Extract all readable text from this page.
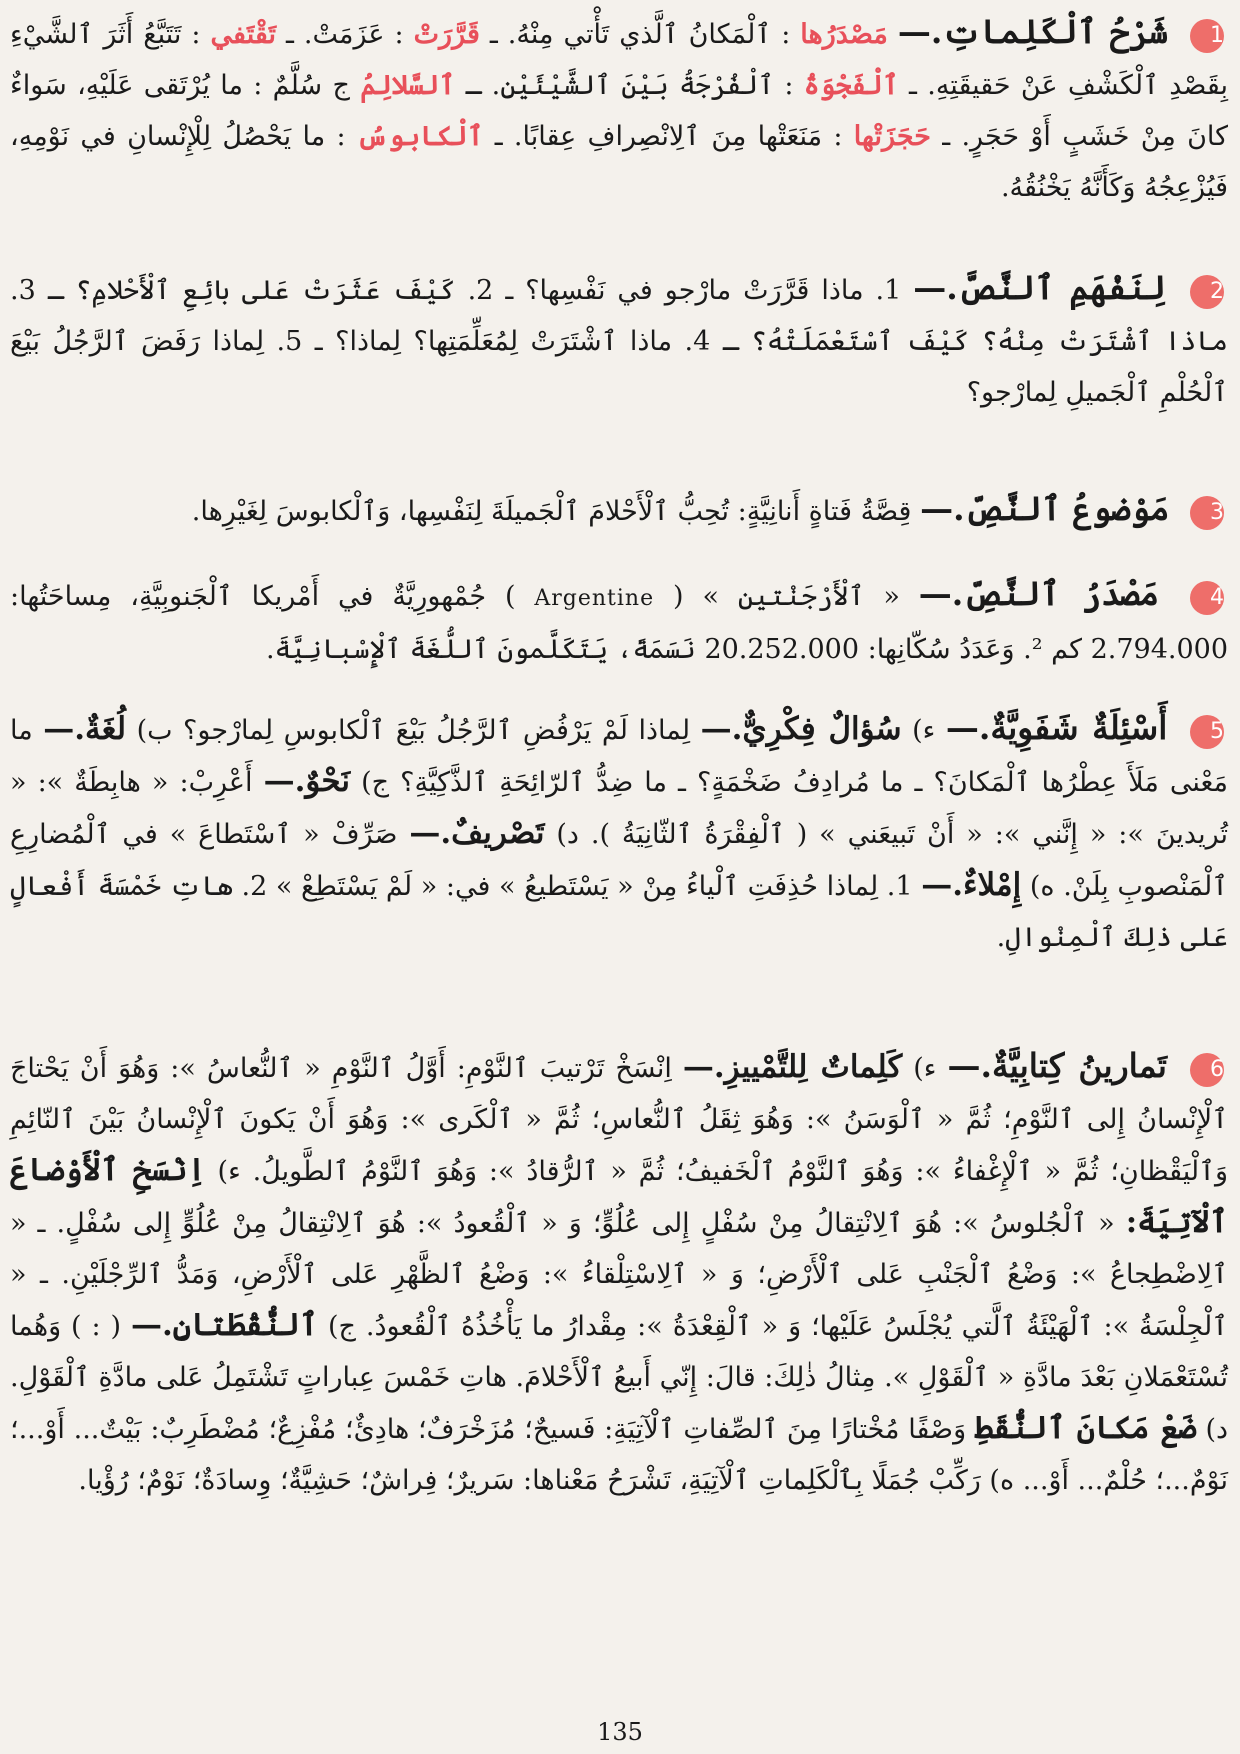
1 شَرْحُ ٱلْكَلِماتِ.— مَصْدَرُها : ٱلْمَكانُ ٱلَّذي تَأْتي مِنْهُ. ـ قَرَّرَتْ : عَزَمَتْ. ـ تَقْتَفي : تَتَبَّعُ أَثَرَ ٱلشَّيْءِ بِقَصْدِ ٱلْكَشْفِ عَنْ حَقيقَتِهِ. ـ ٱلْفَجْوَةُ : ٱلْفُرْجَةُ بَيْنَ ٱلشَّيْئَيْنِ. ـ ٱلسَّلالِمُ ج سُلَّمٌ : ما يُرْتَقى عَلَيْهِ، سَواءٌ كانَ مِنْ خَشَبٍ أَوْ حَجَرٍ. ـ حَجَزَتْها : مَنَعَتْها مِنَ ٱلِانْصِرافِ عِقابًا. ـ ٱلْكابوسُ : ما يَحْصُلُ لِلْإِنْسانِ في نَوْمِهِ، فَيُزْعِجُهُ وَكَأَنَّهُ يَخْنُقُهُ.
2 لِنَفْهَمِ ٱلنَّصَّ.— 1. ماذا قَرَّرَتْ مارْجو في نَفْسِها؟ ـ 2. كَيْفَ عَثَرَتْ عَلى بائِعِ ٱلْأَحْلامِ؟ ـ 3. ماذا ٱشْتَرَتْ مِنْهُ؟ كَيْفَ ٱسْتَعْمَلَتْهُ؟ ـ 4. ماذا ٱشْتَرَتْ لِمُعَلِّمَتِها؟ لِماذا؟ ـ 5. لِماذا رَفَضَ ٱلرَّجُلُ بَيْعَ ٱلْحُلْمِ ٱلْجَميلِ لِمارْجو؟
3 مَوْضوعُ ٱلنَّصِّ.— قِصَّةُ فَتاةٍ أَنانِيَّةٍ: تُحِبُّ ٱلْأَحْلامَ ٱلْجَميلَةَ لِنَفْسِها، وَٱلْكابوسَ لِغَيْرِها.
4 مَصْدَرُ ٱلنَّصِّ.— « ٱلْأَرْجَنْتين » ( Argentine ) جُمْهورِيَّةٌ في أَمْريكا ٱلْجَنوبِيَّةِ، مِساحَتُها: 2.794.000 كم ². وَعَدَدُ سُكّانِها: 20.252.000 نَسَمَةً، يَتَكَلَّمونَ ٱللُّغَةَ ٱلْإِسْبانِيَّةَ.
5 أَسْئِلَةٌ شَفَوِيَّةٌ.— ء) سُؤالٌ فِكْرِيٌّ.— لِماذا لَمْ يَرْفُضِ ٱلرَّجُلُ بَيْعَ ٱلْكابوسِ لِمارْجو؟ ب) لُغَةٌ.— ما مَعْنى مَلَأَ عِطْرُها ٱلْمَكانَ؟ ـ ما مُرادِفُ ضَخْمَةٍ؟ ـ ما ضِدُّ ٱلرّائِحَةِ ٱلذَّكِيَّةِ؟ ج) نَحْوٌ.— أَعْرِبْ: « هابِطَةٌ »: « تُريدينَ »: « إِنَّني »: « أَنْ تَبيعَني » ( ٱلْفِقْرَةُ ٱلثّانِيَةُ ). د) تَصْريفٌ.— صَرِّفْ « ٱسْتَطاعَ » في ٱلْمُضارِعِ ٱلْمَنْصوبِ بِلَنْ. ه) إِمْلاءٌ.— 1. لِماذا حُذِفَتِ ٱلْياءُ مِنْ « يَسْتَطيعُ » في: « لَمْ يَسْتَطِعْ » 2. هاتِ خَمْسَةَ أَفْعالٍ عَلى ذٰلِكَ ٱلْمِنْوالِ.
6 تَمارينُ كِتابِيَّةٌ.— ء) كَلِماتٌ لِلتَّمْييزِ.— اِنْسَخْ تَرْتيبَ ٱلنَّوْمِ: أَوَّلُ ٱلنَّوْمِ « ٱلنُّعاسُ »: وَهُوَ أَنْ يَحْتاجَ ٱلْإِنْسانُ إِلى ٱلنَّوْمِ؛ ثُمَّ « ٱلْوَسَنُ »: وَهُوَ ثِقَلُ ٱلنُّعاسِ؛ ثُمَّ « ٱلْكَرى »: وَهُوَ أَنْ يَكونَ ٱلْإِنْسانُ بَيْنَ ٱلنّائِمِ وَٱلْيَقْظانِ؛ ثُمَّ « ٱلْإِغْفاءُ »: وَهُوَ ٱلنَّوْمُ ٱلْخَفيفُ؛ ثُمَّ « ٱلرُّقادُ »: وَهُوَ ٱلنَّوْمُ ٱلطَّويلُ. ء) اِنْسَخِ ٱلْأَوْضاعَ ٱلْآتِيَةَ: « ٱلْجُلوسُ »: هُوَ ٱلِانْتِقالُ مِنْ سُفْلٍ إِلى عُلُوٍّ؛ وَ « ٱلْقُعودُ »: هُوَ ٱلِانْتِقالُ مِنْ عُلُوٍّ إِلى سُفْلٍ. ـ « ٱلِاضْطِجاعُ »: وَضْعُ ٱلْجَنْبِ عَلى ٱلْأَرْضِ؛ وَ « ٱلِاسْتِلْقاءُ »: وَضْعُ ٱلظَّهْرِ عَلى ٱلْأَرْضِ، وَمَدُّ ٱلرِّجْلَيْنِ. ـ « ٱلْجِلْسَةُ »: ٱلْهَيْئَةُ ٱلَّتي يُجْلَسُ عَلَيْها؛ وَ « ٱلْقِعْدَةُ »: مِقْدارُ ما يَأْخُذُهُ ٱلْقُعودُ. ج) ٱلنُّقْطَتانِ.— ( : ) وَهُما تُسْتَعْمَلانِ بَعْدَ مادَّةِ « ٱلْقَوْلِ ». مِثالُ ذٰلِكَ: قالَ: إِنّي أَبيعُ ٱلْأَحْلامَ. هاتِ خَمْسَ عِباراتٍ تَشْتَمِلُ عَلى مادَّةِ ٱلْقَوْلِ. د) ضَعْ مَكانَ ٱلنُّقَطِ وَصْفًا مُخْتارًا مِنَ ٱلصِّفاتِ ٱلْآتِيَةِ: فَسيحٌ؛ مُزَخْرَفٌ؛ هادِئٌ؛ مُفْزِعٌ؛ مُضْطَرِبٌ: بَيْتٌ... أَوْ...؛ نَوْمٌ...؛ حُلْمٌ... أَوْ... ه) رَكِّبْ جُمَلًا بِٱلْكَلِماتِ ٱلْآتِيَةِ، تَشْرَحُ مَعْناها: سَريرٌ؛ فِراشٌ؛ حَشِيَّةٌ؛ وِسادَةٌ؛ نَوْمٌ؛ رُؤْيا.
135
